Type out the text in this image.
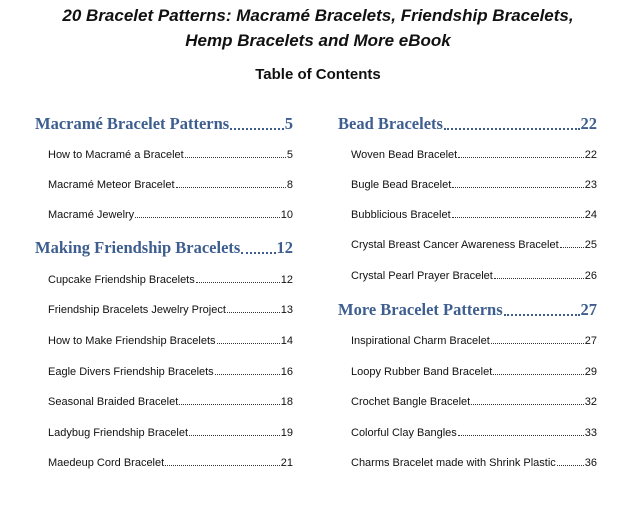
20 Bracelet Patterns: Macramé Bracelets, Friendship Bracelets,
Hemp Bracelets and More eBook
Table of Contents
Macramé Bracelet Patterns	5
How to Macramé a Bracelet	5
Macramé Meteor Bracelet	8
Macramé Jewelry	10
Making Friendship Bracelets 12
Cupcake Friendship Bracelets	12
Friendship Bracelets Jewelry Project	13
How to Make Friendship Bracelets	14
Eagle Divers Friendship Bracelets	16
Seasonal Braided Bracelet	18
Ladybug Friendship Bracelet	19
Maedeup Cord Bracelet	21
Bead Bracelets	22
Woven Bead Bracelet	22
Bugle Bead Bracelet	23
Bubblicious Bracelet	24
Crystal Breast Cancer Awareness Bracelet 25
Crystal Pearl Prayer Bracelet	26
More Bracelet Patterns	27
Inspirational Charm Bracelet	27
Loopy Rubber Band Bracelet	29
Crochet Bangle Bracelet	32
Colorful Clay Bangles	33
Charms Bracelet made with Shrink Plastic	36
